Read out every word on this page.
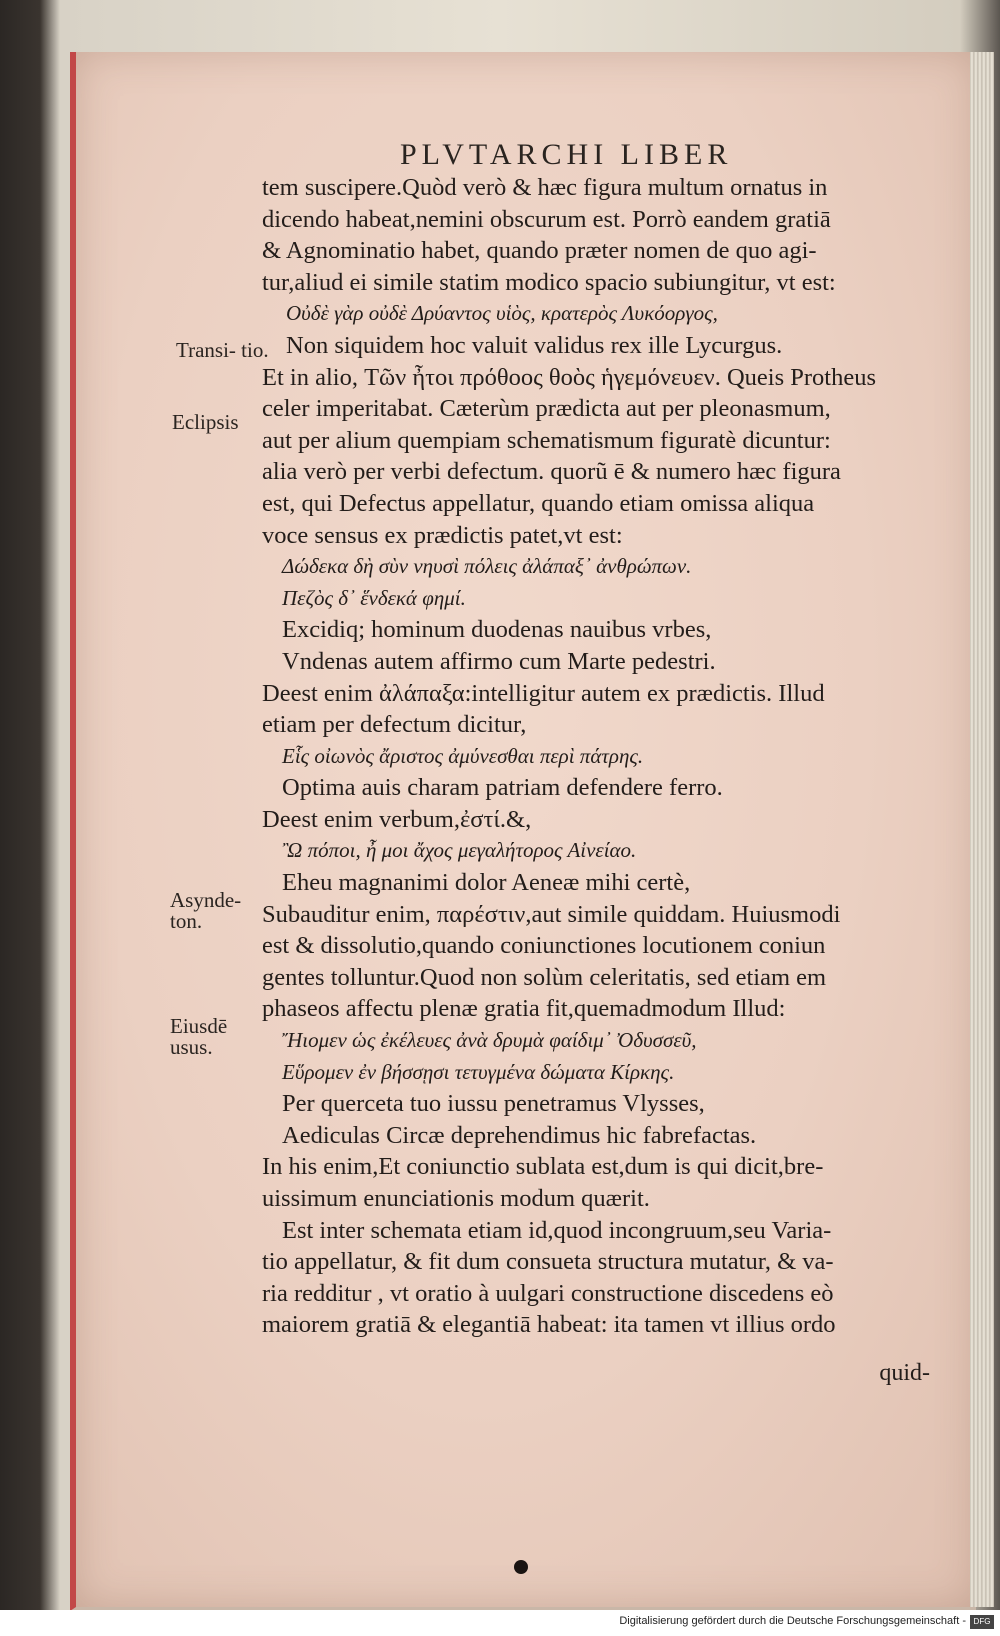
PLVTARCHI LIBER
Transi- tio.
Eclipsis
Asynde- ton.
Eiusdē usus.
tem suscipere.Quòd verò & hæc figura multum ornatus in
dicendo habeat,nemini obscurum est. Porrò eandem gratiā
& Agnominatio habet, quando præter nomen de quo agi-
tur,aliud ei simile statim modico spacio subiungitur, vt est:
Οὐδὲ γὰρ οὐδὲ Δρύαντος υἱὸς, κρατερὸς Λυκόοργος,
Non siquidem hoc valuit validus rex ille Lycurgus.
Et in alio, Τῶν ἦτοι πρόθοος θοὸς ἡγεμόνευεν. Queis Protheus
celer imperitabat. Cæterùm prædicta aut per pleonasmum,
aut per alium quempiam schematismum figuratè dicuntur:
alia verò per verbi defectum. quorũ ē & numero hæc figura
est, qui Defectus appellatur, quando etiam omissa aliqua
voce sensus ex prædictis patet,vt est:
Δώδεκα δὴ σὺν νηυσὶ πόλεις ἀλάπαξ᾽ ἀνθρώπων.
Πεζὸς δ᾽ ἕνδεκά φημί.
Excidiq; hominum duodenas nauibus vrbes,
Vndenas autem affirmo cum Marte pedestri.
Deest enim ἀλάπαξα:intelligitur autem ex prædictis. Illud
etiam per defectum dicitur,
Εἷς οἰωνὸς ἄριστος ἀμύνεσθαι περὶ πάτρης.
Optima auis charam patriam defendere ferro.
Deest enim verbum,ἐστί.&,
Ὢ πόποι, ἦ μοι ἄχος μεγαλήτορος Αἰνείαο.
Eheu magnanimi dolor Aeneæ mihi certè,
Subauditur enim, παρέστιν,aut simile quiddam. Huiusmodi
est & dissolutio,quando coniunctiones locutionem coniun
gentes tolluntur.Quod non solùm celeritatis, sed etiam em
phaseos affectu plenæ gratia fit,quemadmodum Illud:
Ἤιομεν ὡς ἐκέλευες ἀνὰ δρυμὰ φαίδιμ᾽ Ὀδυσσεῦ,
Εὕρομεν ἐν βήσσῃσι τετυγμένα δώματα Κίρκης.
Per querceta tuo iussu penetramus Vlysses,
Aediculas Circæ deprehendimus hic fabrefactas.
In his enim,Et coniunctio sublata est,dum is qui dicit,bre-
uissimum enunciationis modum quærit.
Est inter schemata etiam id,quod incongruum,seu Varia-
tio appellatur, & fit dum consueta structura mutatur, & va-
ria redditur , vt oratio à uulgari constructione discedens eò
maiorem gratiā & elegantiā habeat: ita tamen vt illius ordo
quid-
Digitalisierung gefördert durch die Deutsche Forschungsgemeinschaft - DFG
